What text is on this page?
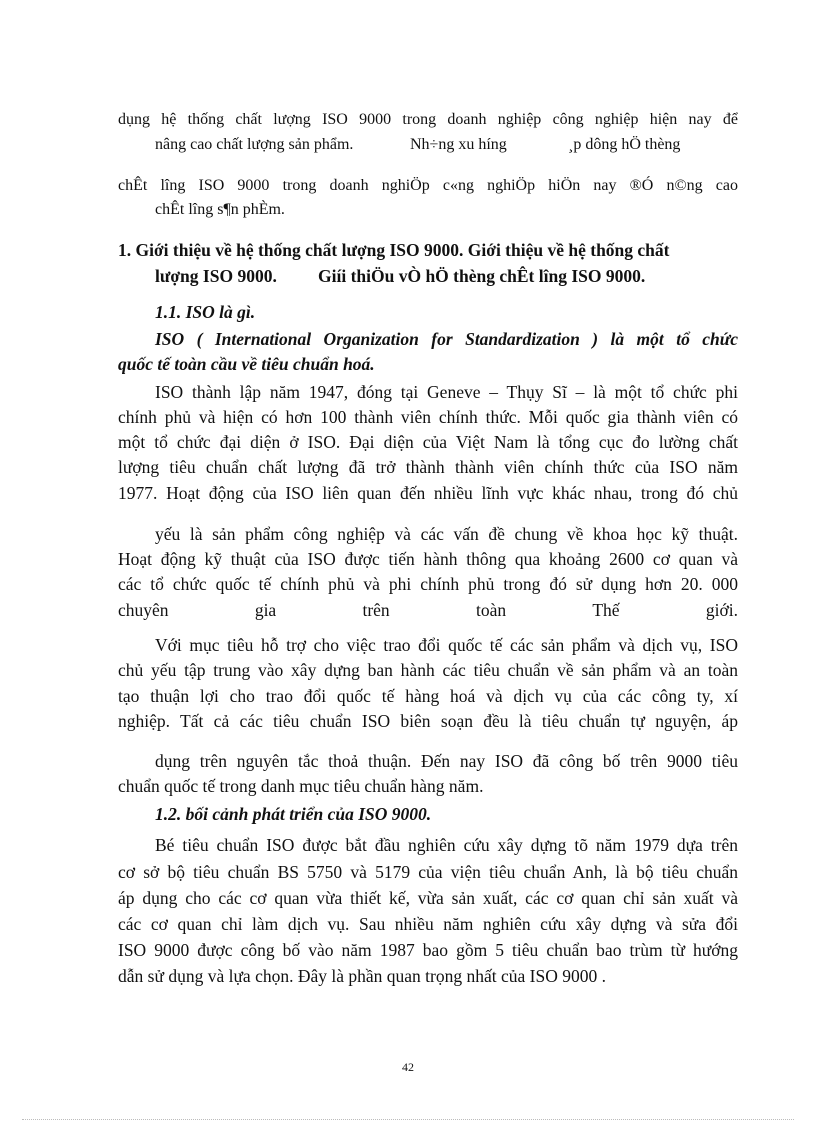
dụng hệ thống chất lượng ISO 9000 trong doanh nghiệp công nghiệp hiện nay để
nâng cao chất lượng sản phẩm.	Nh÷ng xu híng	¸p dông hÖ thèng
chÊt lîng ISO 9000 trong doanh nghiÖp c«ng nghiÖp hiÖn nay ®Ó n©ng cao
chÊt lîng s¶n phÈm.
1. Giới thiệu về hệ thống chất lượng ISO 9000. Giới thiệu về hệ thống chất
lượng ISO 9000. Giíi thiÖu vÒ hÖ thèng chÊt lîng ISO 9000.
1.1. ISO là gì.
ISO ( International Organization for Standardization ) là một tổ chức
quốc tế toàn cầu về tiêu chuẩn hoá.
ISO thành lập năm 1947, đóng tại Geneve – Thụy Sĩ – là một tổ chức phi
chính phủ và hiện có hơn 100 thành viên chính thức. Mỗi quốc gia thành viên có
một tổ chức đại diện ở ISO. Đại diện của Việt Nam là tổng cục đo lường chất
lượng tiêu chuẩn chất lượng đã trở thành thành viên chính thức của ISO năm
1977. Hoạt động của ISO liên quan đến nhiều lĩnh vực khác nhau, trong đó chủ
yếu là sản phẩm công nghiệp và các vấn đề chung về khoa học kỹ thuật.
Hoạt động kỹ thuật của ISO được tiến hành thông qua khoảng 2600 cơ quan và
các tổ chức quốc tế chính phủ và phi chính phủ trong đó sử dụng hơn 20. 000
chuyên	gia	trên	toàn	Thế	giới.
Với mục tiêu hỗ trợ cho việc trao đổi quốc tế các sản phẩm và dịch vụ, ISO
chủ yếu tập trung vào xây dựng ban hành các tiêu chuẩn về sản phẩm và an toàn
tạo thuận lợi cho trao đổi quốc tế hàng hoá và dịch vụ của các công ty, xí
nghiệp. Tất cả các tiêu chuẩn ISO biên soạn đều là tiêu chuẩn tự nguyện, áp
dụng trên nguyên tắc thoả thuận. Đến nay ISO đã công bố trên 9000 tiêu
chuẩn quốc tế trong danh mục tiêu chuẩn hàng năm.
1.2. bối cảnh phát triển của ISO 9000.
Bé tiêu chuẩn ISO được bắt đầu nghiên cứu xây dựng tõ năm 1979 dựa trên
cơ sở bộ tiêu chuẩn BS 5750 và 5179 của viện tiêu chuẩn Anh, là bộ tiêu chuẩn
áp dụng cho các cơ quan vừa thiết kế, vừa sản xuất, các cơ quan chỉ sản xuất và
các cơ quan chỉ làm dịch vụ. Sau nhiều năm nghiên cứu xây dựng và sửa đổi
ISO 9000 được công bố vào năm 1987 bao gồm 5 tiêu chuẩn bao trùm từ hướng
dẫn sử dụng và lựa chọn. Đây là phần quan trọng nhất của ISO 9000 .
42
